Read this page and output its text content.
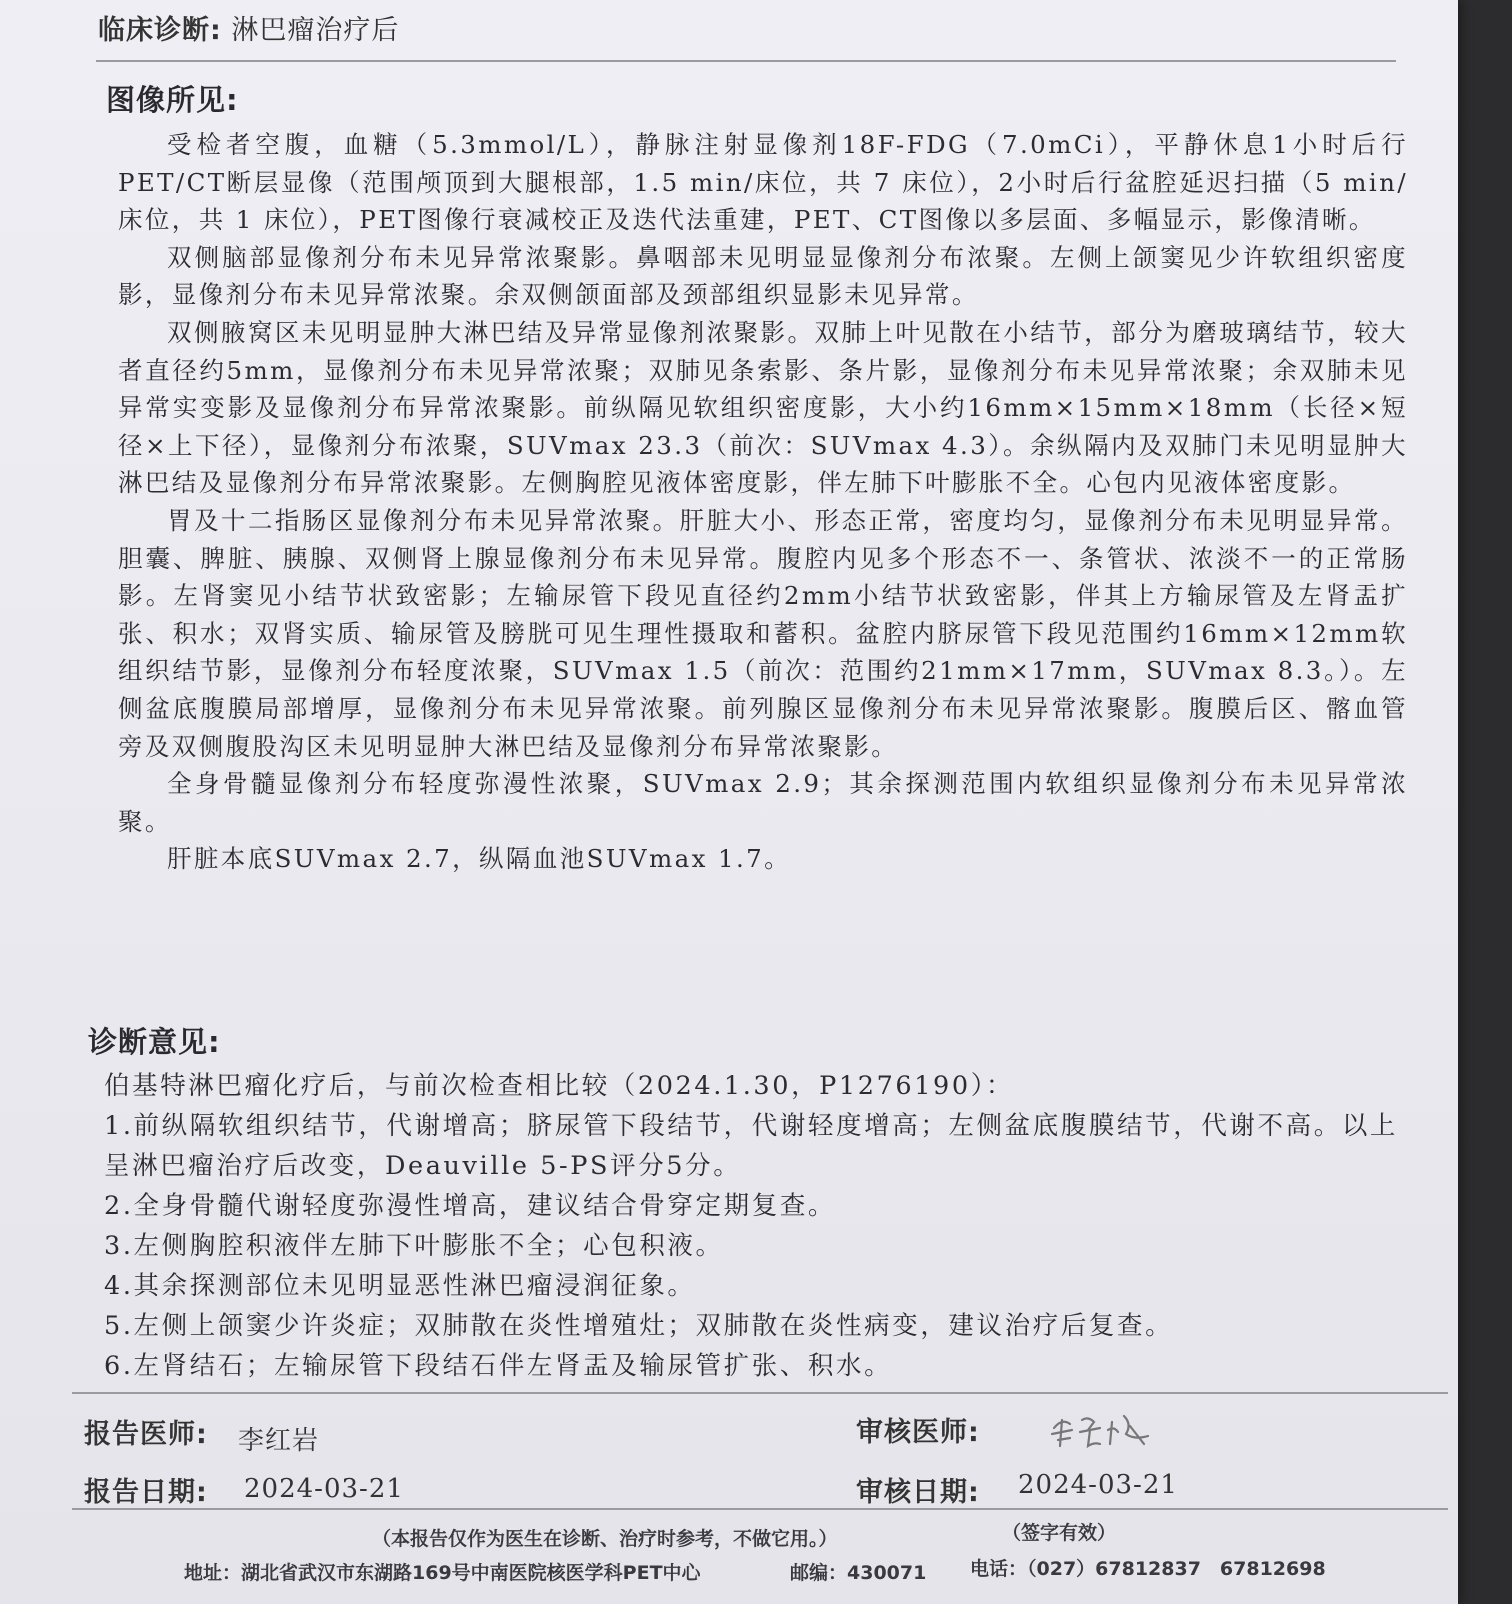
临床诊断: 淋巴瘤治疗后
图像所见:

受检者空腹，血糖（5.3mmol/L），静脉注射显像剂18F-FDG（7.0mCi），平静休息1小时后行PET/CT断层显像（范围颅顶到大腿根部，1.5 min/床位，共 7 床位），2小时后行盆腔延迟扫描（5 min/床位，共 1 床位），PET图像行衰减校正及迭代法重建，PET、CT图像以多层面、多幅显示，影像清晰。

双侧脑部显像剂分布未见异常浓聚影。鼻咽部未见明显显像剂分布浓聚。左侧上颌窦见少许软组织密度影，显像剂分布未见异常浓聚。余双侧颌面部及颈部组织显影未见异常。

双侧腋窝区未见明显肿大淋巴结及异常显像剂浓聚影。双肺上叶见散在小结节，部分为磨玻璃结节，较大者直径约5mm，显像剂分布未见异常浓聚；双肺见条索影、条片影，显像剂分布未见异常浓聚；余双肺未见异常实变影及显像剂分布异常浓聚影。前纵隔见软组织密度影，大小约16mm×15mm×18mm（长径×短径×上下径），显像剂分布浓聚，SUVmax 23.3（前次：SUVmax 4.3）。余纵隔内及双肺门未见明显肿大淋巴结及显像剂分布异常浓聚影。左侧胸腔见液体密度影，伴左肺下叶膨胀不全。心包内见液体密度影。

胃及十二指肠区显像剂分布未见异常浓聚。肝脏大小、形态正常，密度均匀，显像剂分布未见明显异常。胆囊、脾脏、胰腺、双侧肾上腺显像剂分布未见异常。腹腔内见多个形态不一、条管状、浓淡不一的正常肠影。左肾窦见小结节状致密影；左输尿管下段见直径约2mm小结节状致密影，伴其上方输尿管及左肾盂扩张、积水；双肾实质、输尿管及膀胱可见生理性摄取和蓄积。盆腔内脐尿管下段见范围约16mm×12mm软组织结节影，显像剂分布轻度浓聚，SUVmax 1.5（前次：范围约21mm×17mm，SUVmax 8.3。）。左侧盆底腹膜局部增厚，显像剂分布未见异常浓聚。前列腺区显像剂分布未见异常浓聚影。腹膜后区、髂血管旁及双侧腹股沟区未见明显肿大淋巴结及显像剂分布异常浓聚影。

全身骨髓显像剂分布轻度弥漫性浓聚，SUVmax 2.9；其余探测范围内软组织显像剂分布未见异常浓聚。

肝脏本底SUVmax 2.7，纵隔血池SUVmax 1.7。

诊断意见:

伯基特淋巴瘤化疗后，与前次检查相比较（2024.1.30，P1276190）：

1.前纵隔软组织结节，代谢增高；脐尿管下段结节，代谢轻度增高；左侧盆底腹膜结节，代谢不高。以上呈淋巴瘤治疗后改变，Deauville 5-PS评分5分。

2.全身骨髓代谢轻度弥漫性增高，建议结合骨穿定期复查。

3.左侧胸腔积液伴左肺下叶膨胀不全；心包积液。

4.其余探测部位未见明显恶性淋巴瘤浸润征象。

5.左侧上颌窦少许炎症；双肺散在炎性增殖灶；双肺散在炎性病变，建议治疗后复查。

6.左肾结石；左输尿管下段结石伴左肾盂及输尿管扩张、积水。

报告医师: 李红岩	审核医师:
报告日期: 2024-03-21	审核日期: 2024-03-21
（本报告仅作为医生在诊断、治疗时参考，不做它用。）	（签字有效）
地址：湖北省武汉市东湖路169号中南医院核医学科PET中心	邮编：430071 电话：（027）67812837　67812698
